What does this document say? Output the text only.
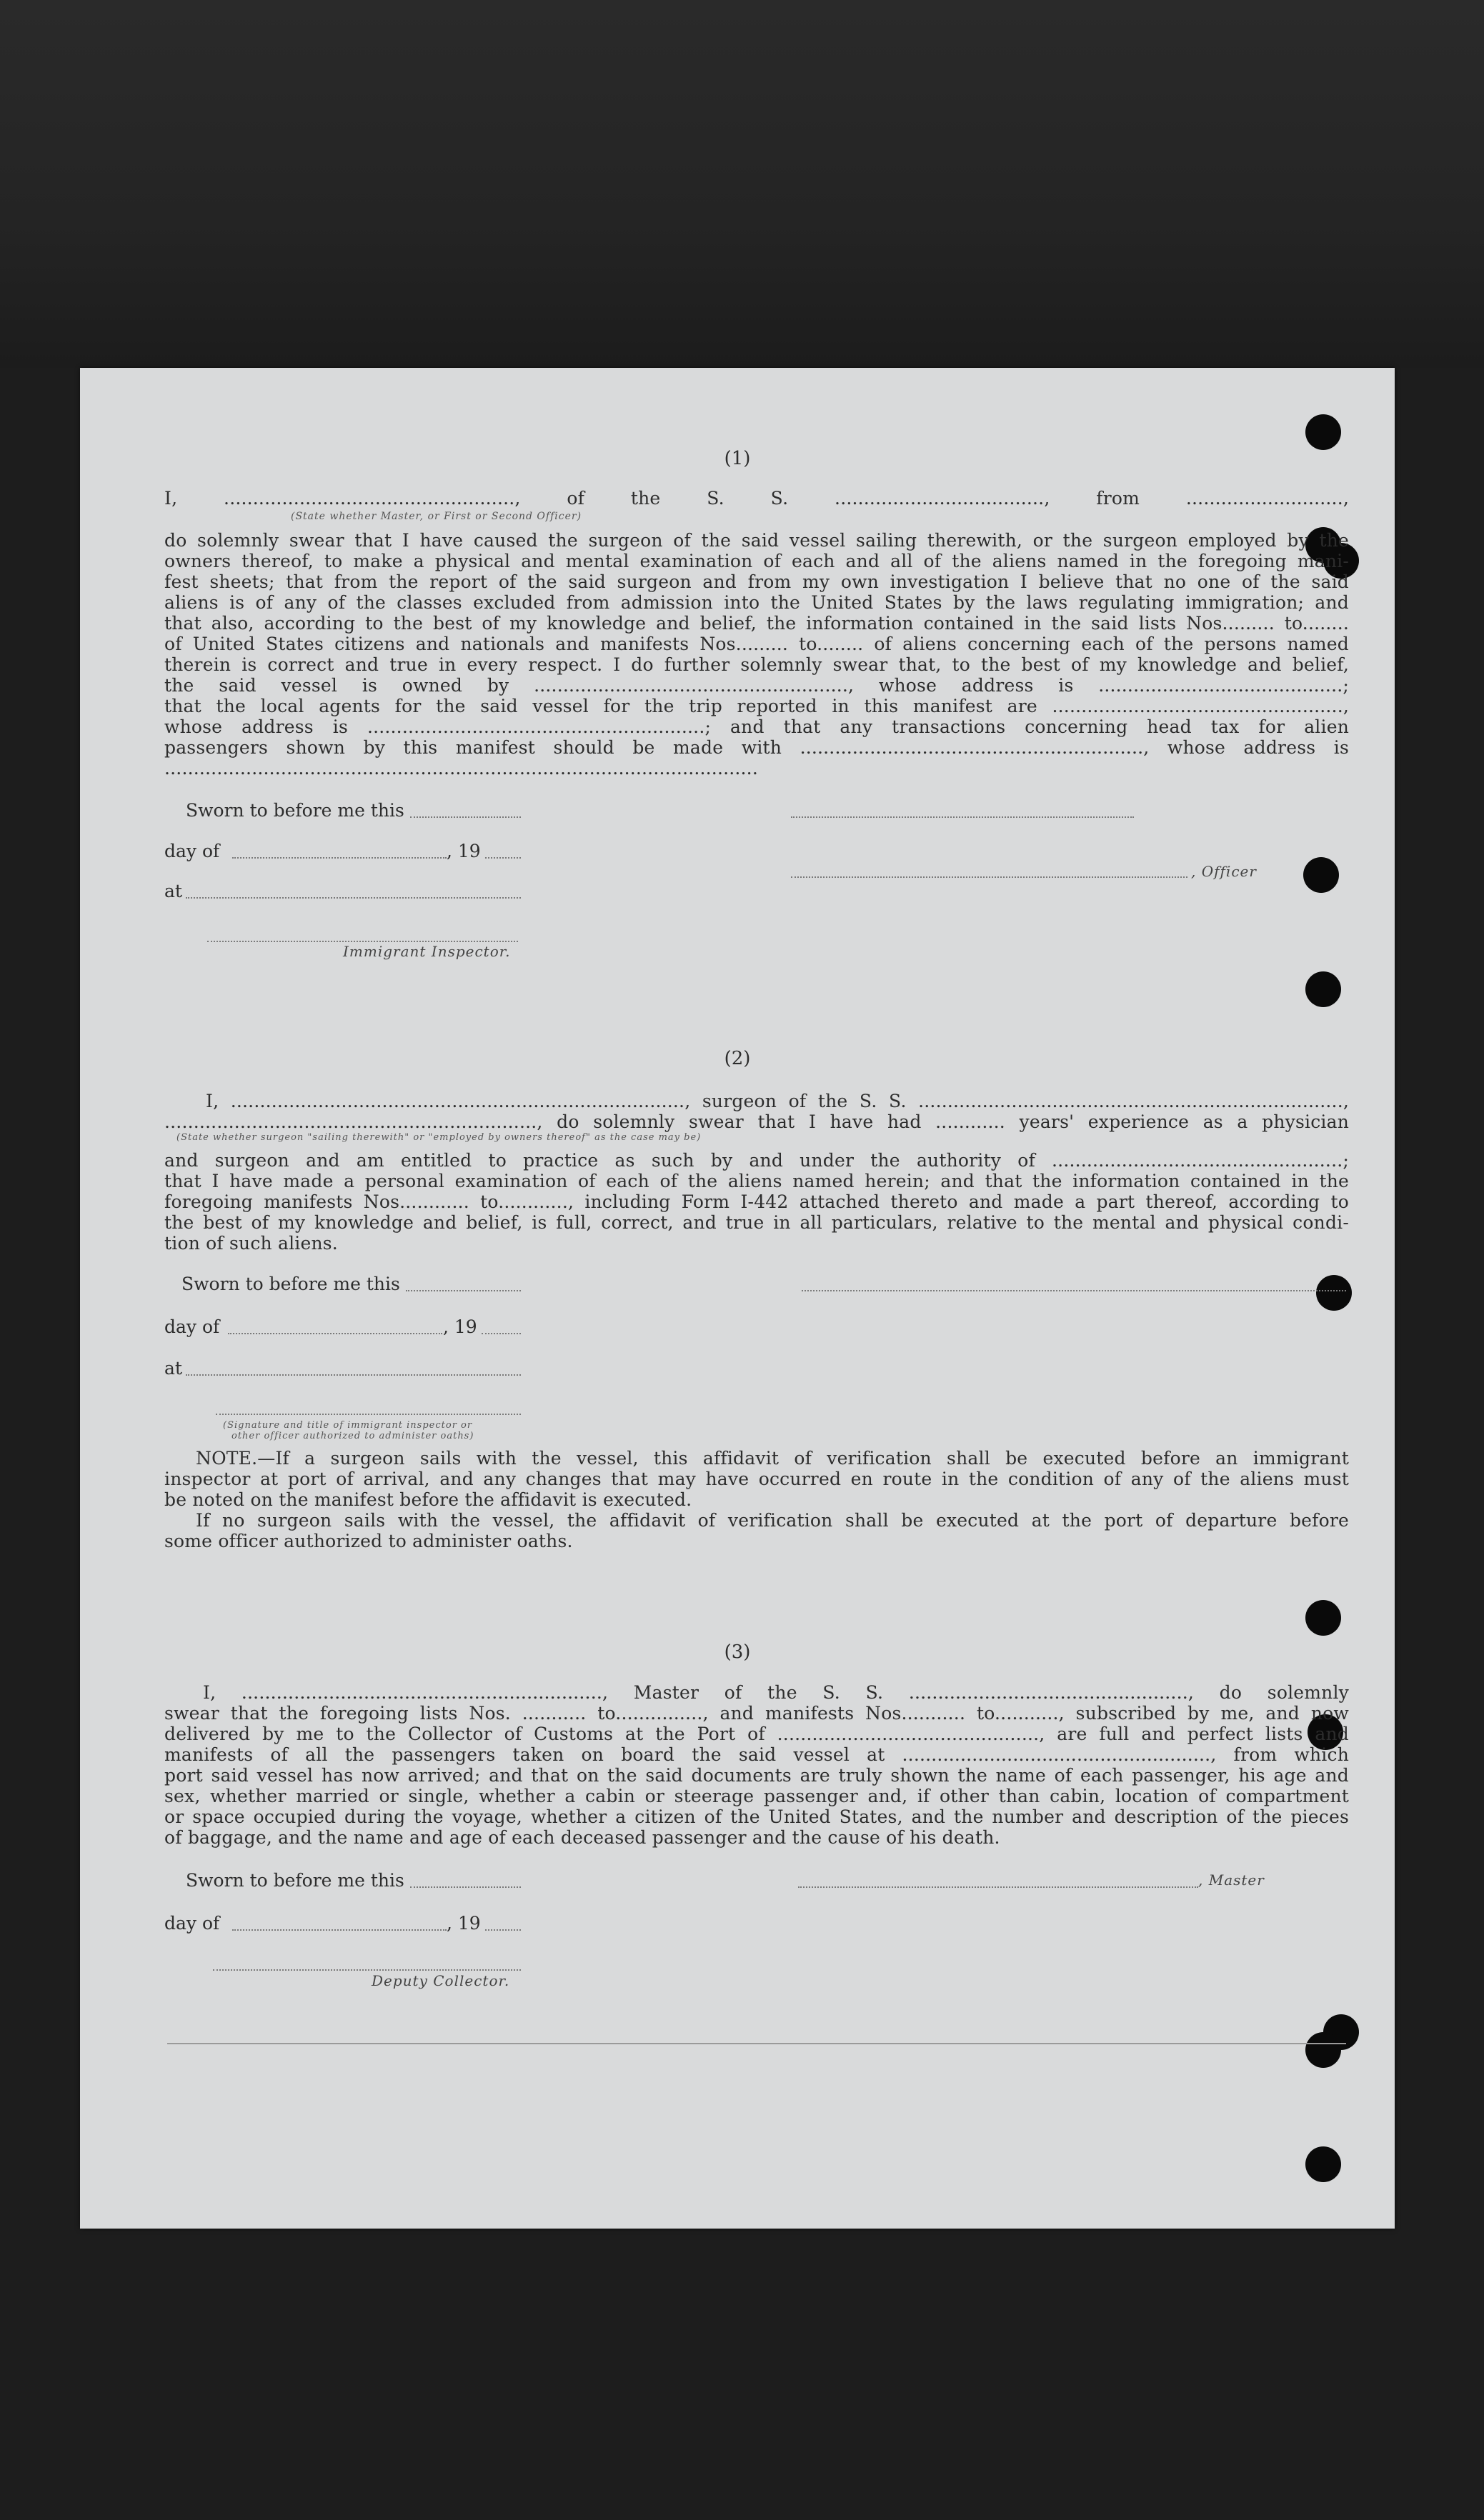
(1)
I, .................................................., of the S. S. ...................................., from ...........................,
(State whether Master, or First or Second Officer)
do solemnly swear that I have caused the surgeon of the said vessel sailing therewith, or the surgeon employed by the
owners thereof, to make a physical and mental examination of each and all of the aliens named in the foregoing mani-
fest sheets; that from the report of the said surgeon and from my own investigation I believe that no one of the said
aliens is of any of the classes excluded from admission into the United States by the laws regulating immigration; and
that also, according to the best of my knowledge and belief, the information contained in the said lists Nos......... to........
of United States citizens and nationals and manifests Nos......... to........ of aliens concerning each of the persons named
therein is correct and true in every respect. I do further solemnly swear that, to the best of my knowledge and belief,
the said vessel is owned by ......................................................, whose address is ..........................................;
that the local agents for the said vessel for the trip reported in this manifest are ..................................................,
whose address is ..........................................................; and that any transactions concerning head tax for alien
passengers shown by this manifest should be made with ..........................................................., whose address is
......................................................................................................
Sworn to before me this
day of	, 19
, Officer
at
Immigrant Inspector.
(2)
I, .............................................................................., surgeon of the S. S. .........................................................................,
................................................................, do solemnly swear that I have had ............ years' experience as a physician
(State whether surgeon "sailing therewith" or "employed by owners thereof" as the case may be)
and surgeon and am entitled to practice as such by and under the authority of ..................................................;
that I have made a personal examination of each of the aliens named herein; and that the information contained in the
foregoing manifests Nos............ to............, including Form I-442 attached thereto and made a part thereof, according to
the best of my knowledge and belief, is full, correct, and true in all particulars, relative to the mental and physical condi-
tion of such aliens.
Sworn to before me this
day of	, 19
at
(Signature and title of immigrant inspector or
other officer authorized to administer oaths)
NOTE.—If a surgeon sails with the vessel, this affidavit of verification shall be executed before an immigrant
inspector at port of arrival, and any changes that may have occurred en route in the condition of any of the aliens must
be noted on the manifest before the affidavit is executed.
If no surgeon sails with the vessel, the affidavit of verification shall be executed at the port of departure before
some officer authorized to administer oaths.
(3)
I, .............................................................., Master of the S. S. ................................................, do solemnly
swear that the foregoing lists Nos. ........... to..............., and manifests Nos........... to..........., subscribed by me, and now
delivered by me to the Collector of Customs at the Port of ............................................., are full and perfect lists and
manifests of all the passengers taken on board the said vessel at ....................................................., from which
port said vessel has now arrived; and that on the said documents are truly shown the name of each passenger, his age and
sex, whether married or single, whether a cabin or steerage passenger and, if other than cabin, location of compartment
or space occupied during the voyage, whether a citizen of the United States, and the number and description of the pieces
of baggage, and the name and age of each deceased passenger and the cause of his death.
Sworn to before me this	, Master
day of	, 19
Deputy Collector.
